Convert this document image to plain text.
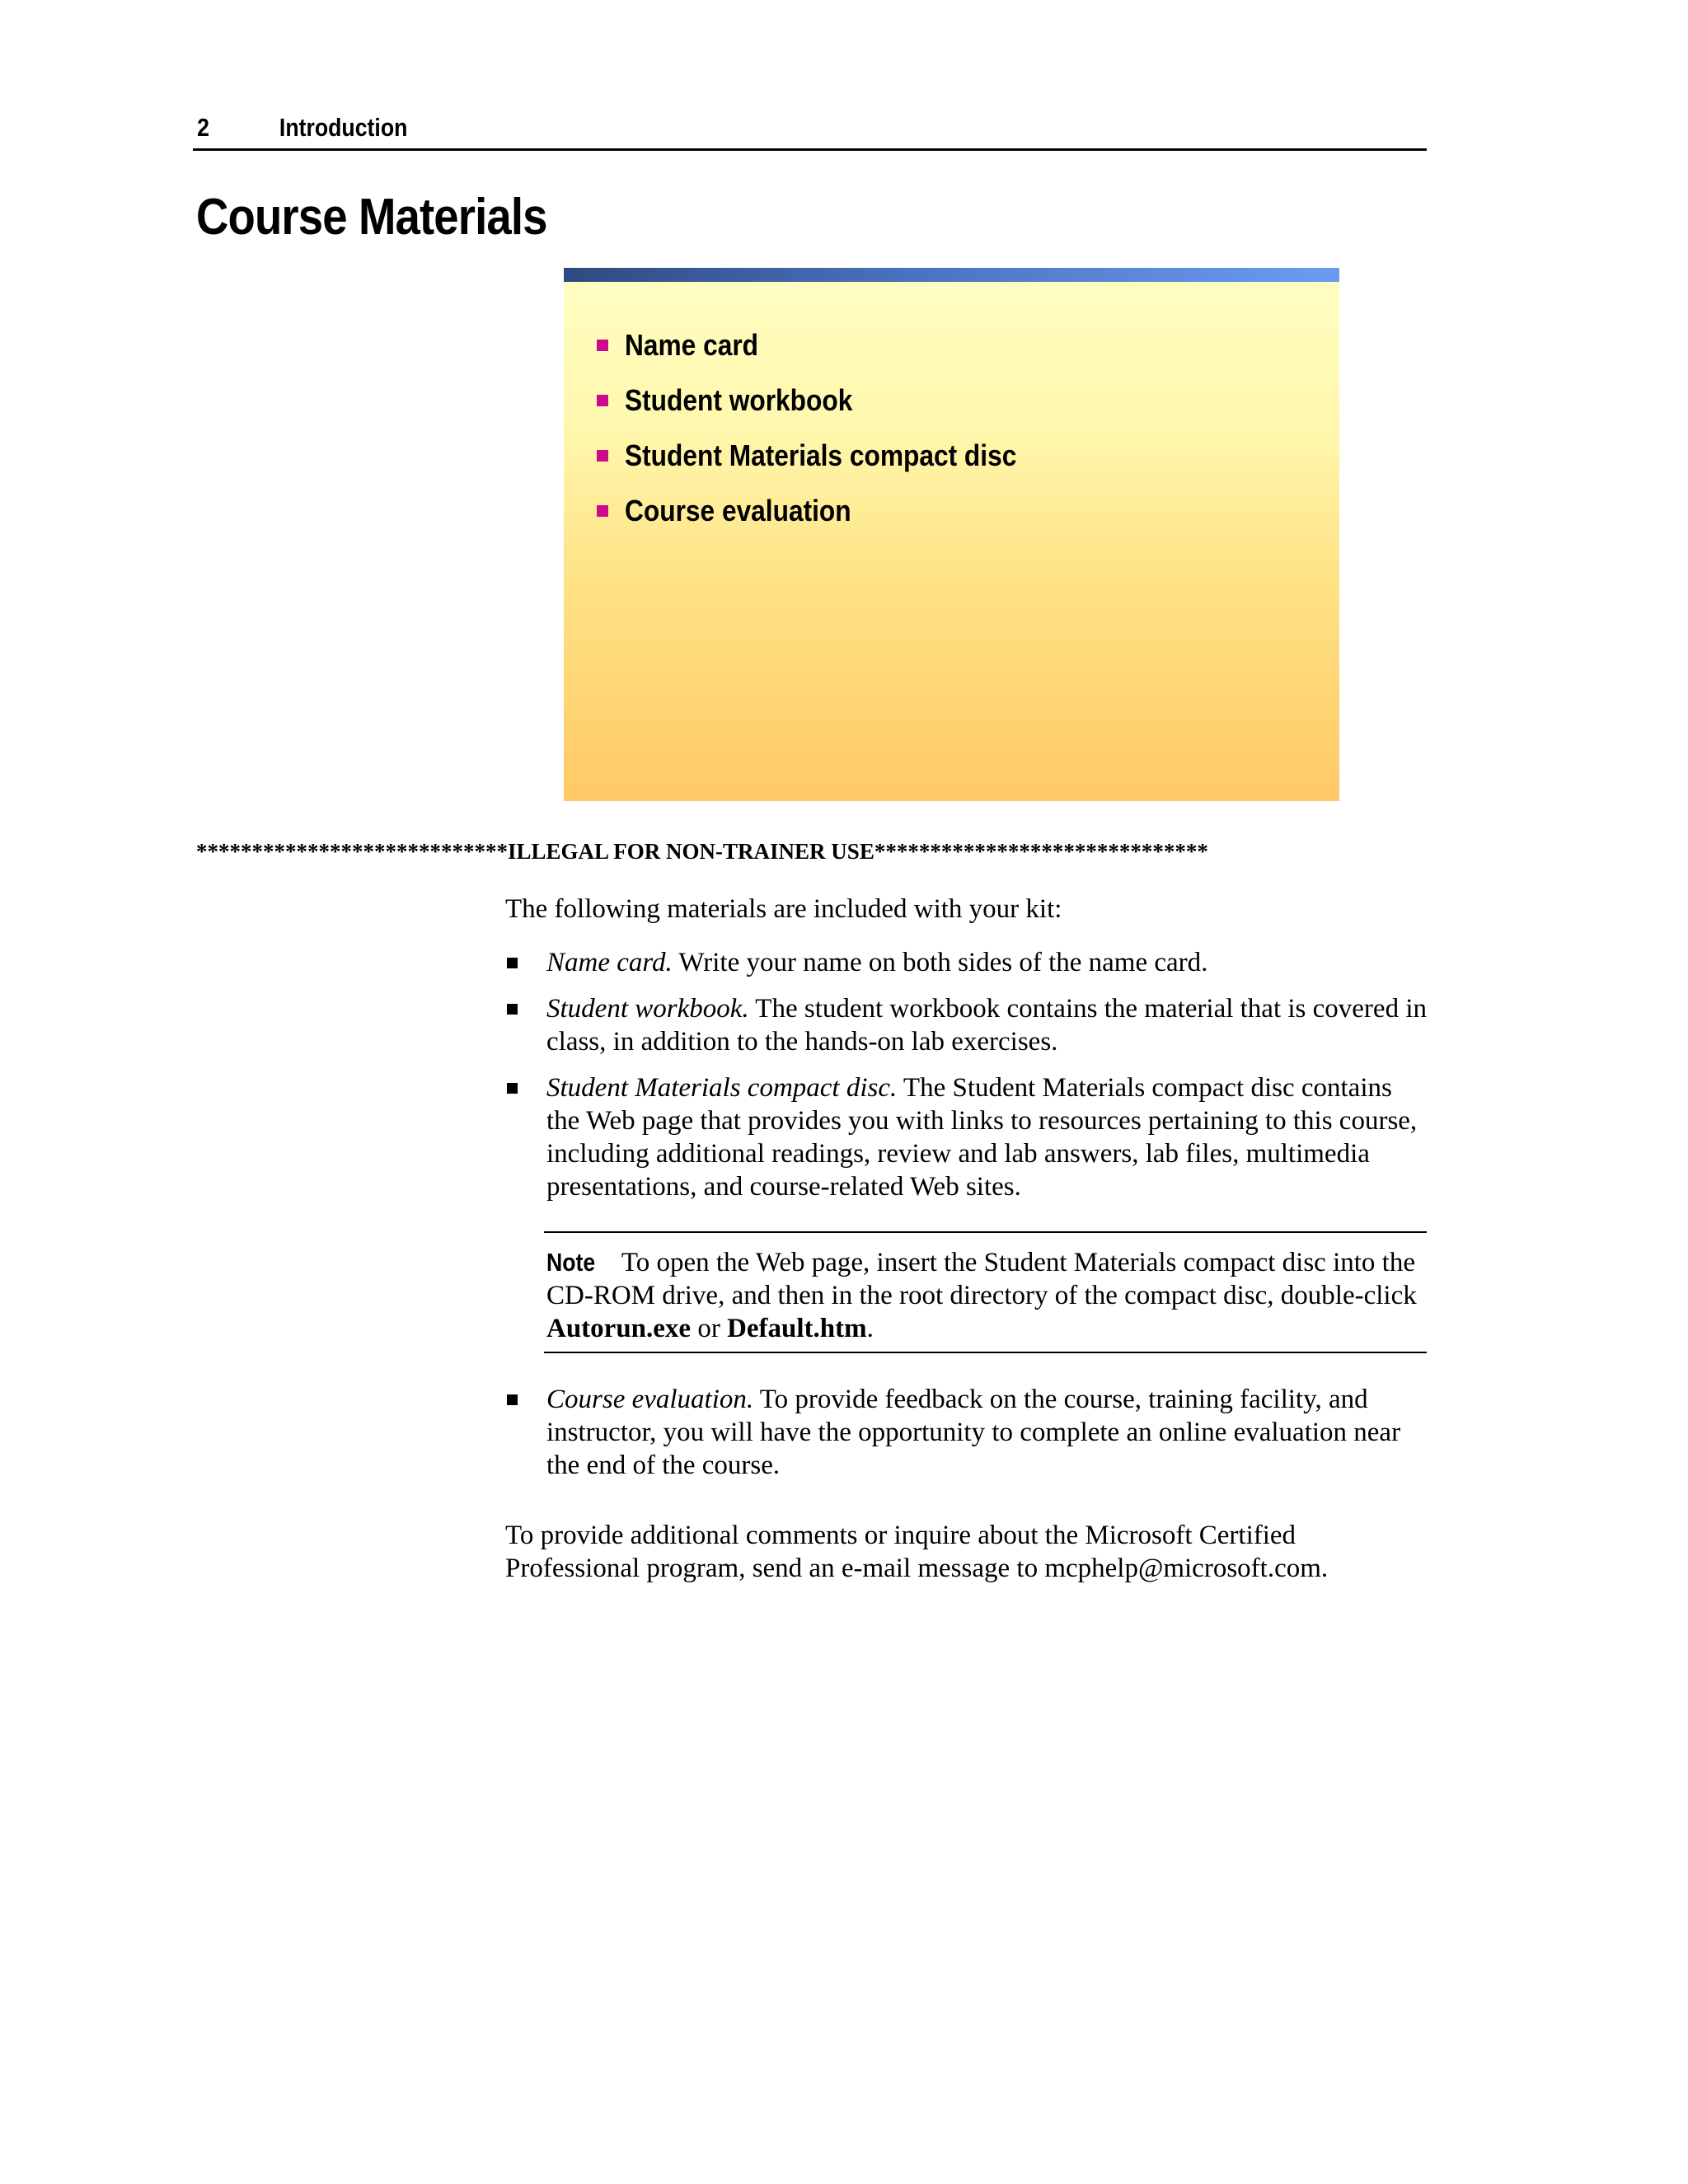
2	Introduction
Course Materials
Name card
Student workbook
Student Materials compact disc
Course evaluation
****************************ILLEGAL FOR NON-TRAINER USE******************************

The following materials are included with your kit:

Name card. Write your name on both sides of the name card.
Student workbook. The student workbook contains the material that is covered in class, in addition to the hands-on lab exercises.
Student Materials compact disc. The Student Materials compact disc contains the Web page that provides you with links to resources pertaining to this course, including additional readings, review and lab answers, lab files, multimedia presentations, and course-related Web sites.
Note To open the Web page, insert the Student Materials compact disc into the CD-ROM drive, and then in the root directory of the compact disc, double-click Autorun.exe or Default.htm.
Course evaluation. To provide feedback on the course, training facility, and instructor, you will have the opportunity to complete an online evaluation near the end of the course.

To provide additional comments or inquire about the Microsoft Certified Professional program, send an e-mail message to mcphelp@microsoft.com.
